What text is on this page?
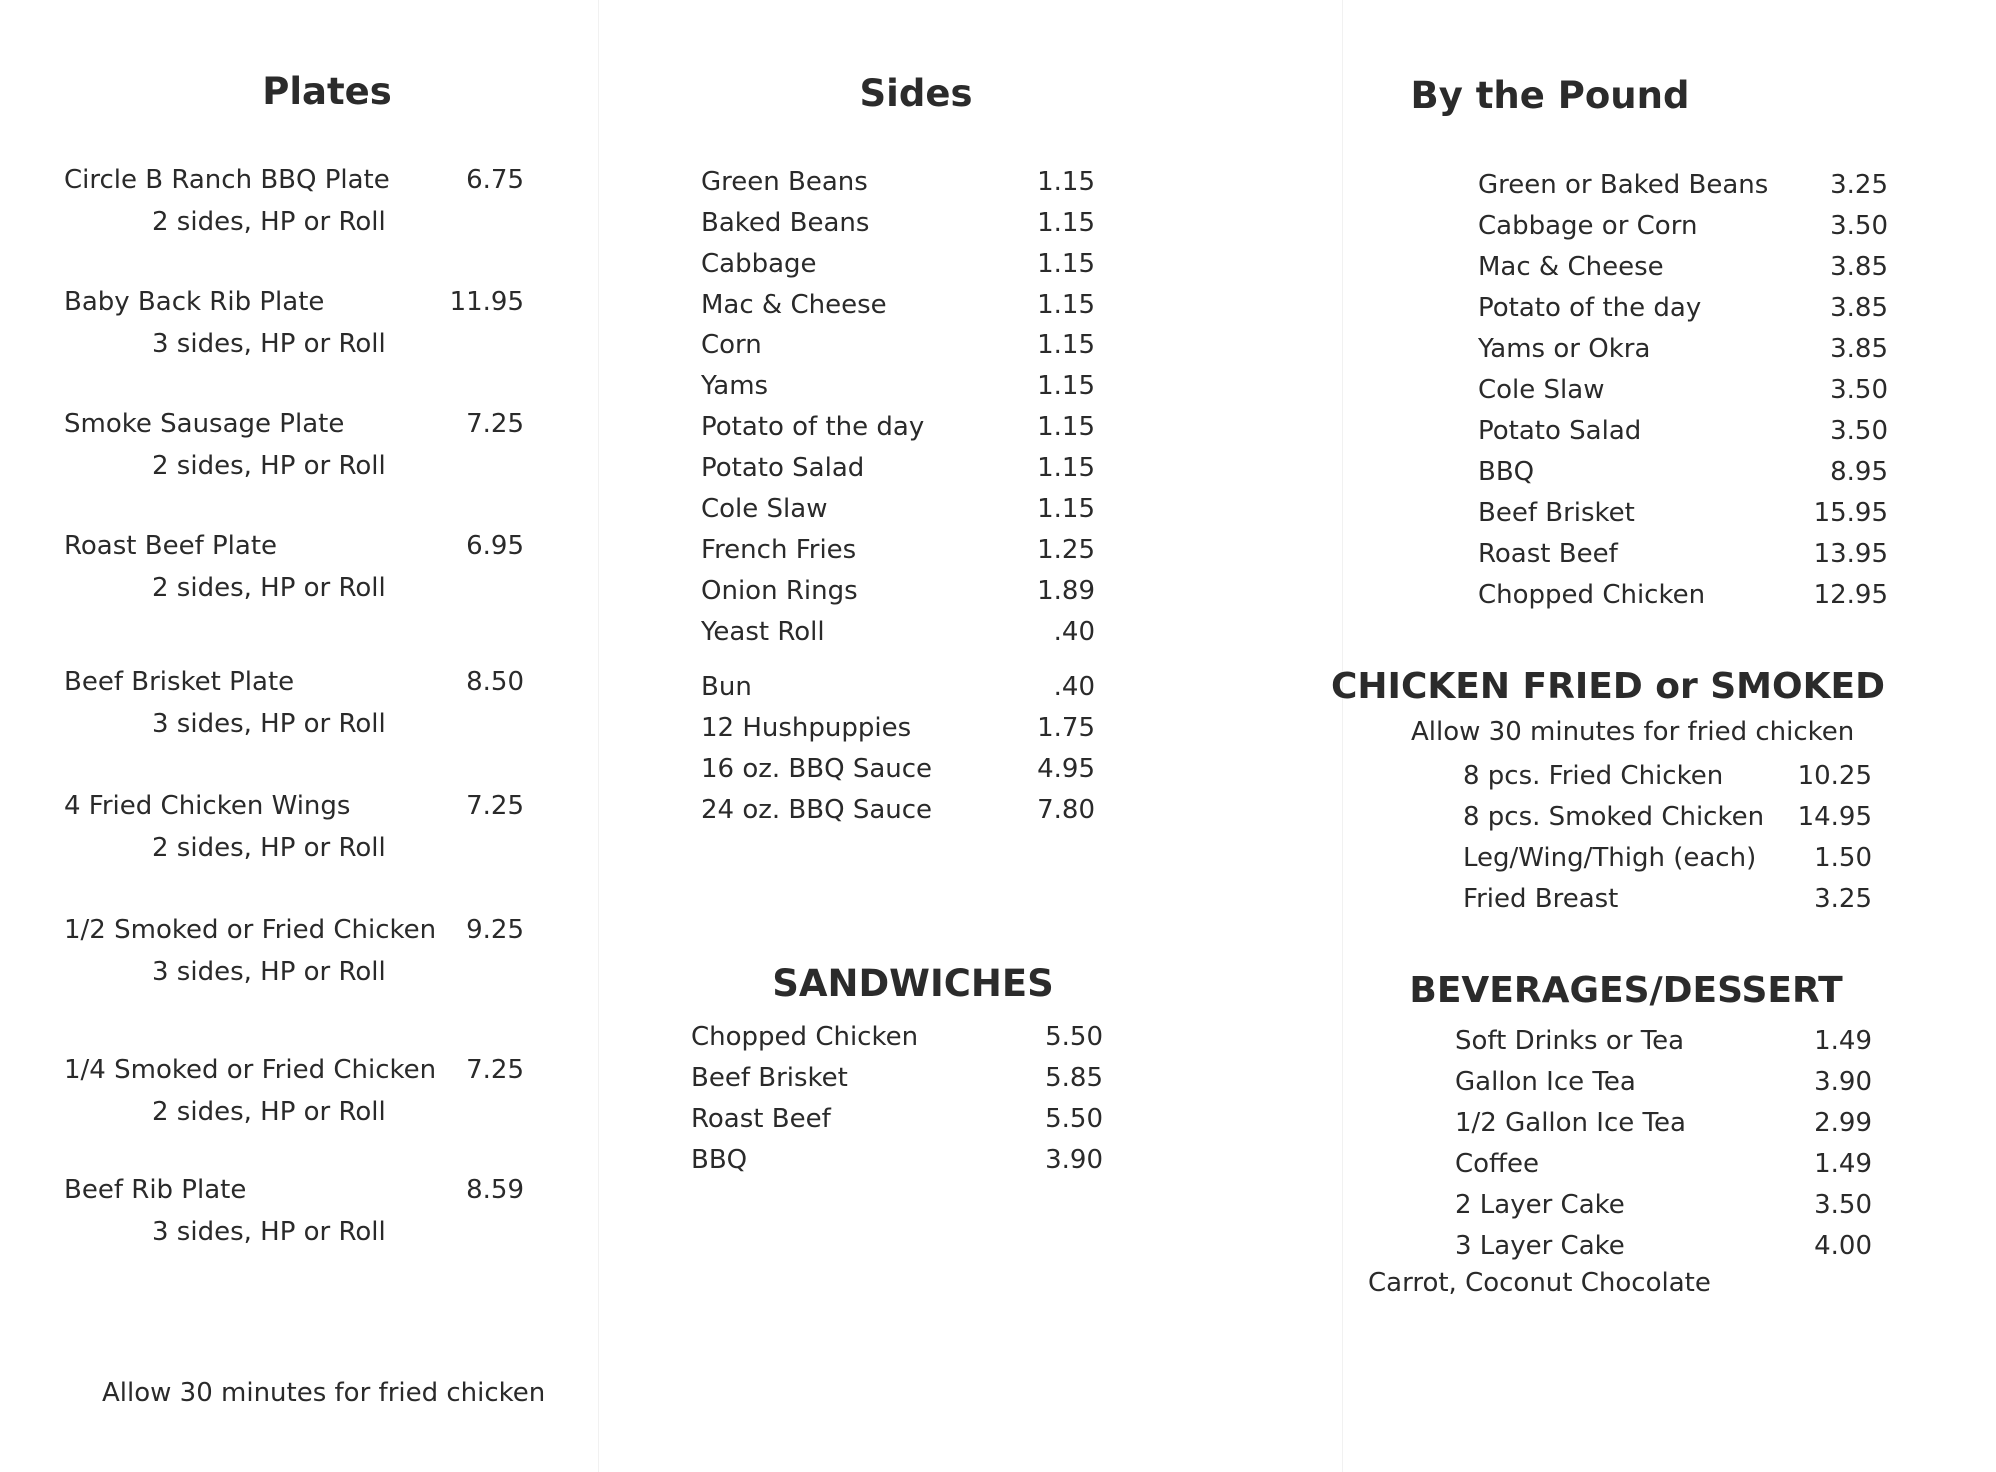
Plates
Circle B Ranch BBQ Plate	6.75
2 sides, HP or Roll
Baby Back Rib Plate	11.95
3 sides, HP or Roll
Smoke Sausage Plate	7.25
2 sides, HP or Roll
Roast Beef Plate	6.95
2 sides, HP or Roll
Beef Brisket Plate	8.50
3 sides, HP or Roll
4 Fried Chicken Wings	7.25
2 sides, HP or Roll
1/2 Smoked or Fried Chicken 9.25
3 sides, HP or Roll
1/4 Smoked or Fried Chicken 7.25
2 sides, HP or Roll
Beef Rib Plate	8.59
3 sides, HP or Roll
Allow 30 minutes for fried chicken
Sides
Green Beans	1.15
Baked Beans	1.15
Cabbage	1.15
Mac & Cheese	1.15
Corn	1.15
Yams	1.15
Potato of the day	1.15
Potato Salad	1.15
Cole Slaw	1.15
French Fries	1.25
Onion Rings	1.89
Yeast Roll	.40
Bun	.40
12 Hushpuppies	1.75
16 oz. BBQ Sauce	4.95
24 oz. BBQ Sauce	7.80
SANDWICHES
Chopped Chicken	5.50
Beef Brisket	5.85
Roast Beef	5.50
BBQ	3.90
By the Pound
Green or Baked Beans 3.25
Cabbage or Corn	3.50
Mac & Cheese	3.85
Potato of the day	3.85
Yams or Okra	3.85
Cole Slaw	3.50
Potato Salad	3.50
BBQ	8.95
Beef Brisket	15.95
Roast Beef	13.95
Chopped Chicken	12.95
CHICKEN FRIED or SMOKED
Allow 30 minutes for fried chicken
8 pcs. Fried Chicken	10.25
8 pcs. Smoked Chicken 14.95
Leg/Wing/Thigh (each) 1.50
Fried Breast	3.25
BEVERAGES/DESSERT
Soft Drinks or Tea	1.49
Gallon Ice Tea	3.90
1/2 Gallon Ice Tea	2.99
Coffee	1.49
2 Layer Cake	3.50
3 Layer Cake	4.00
Carrot, Coconut Chocolate
